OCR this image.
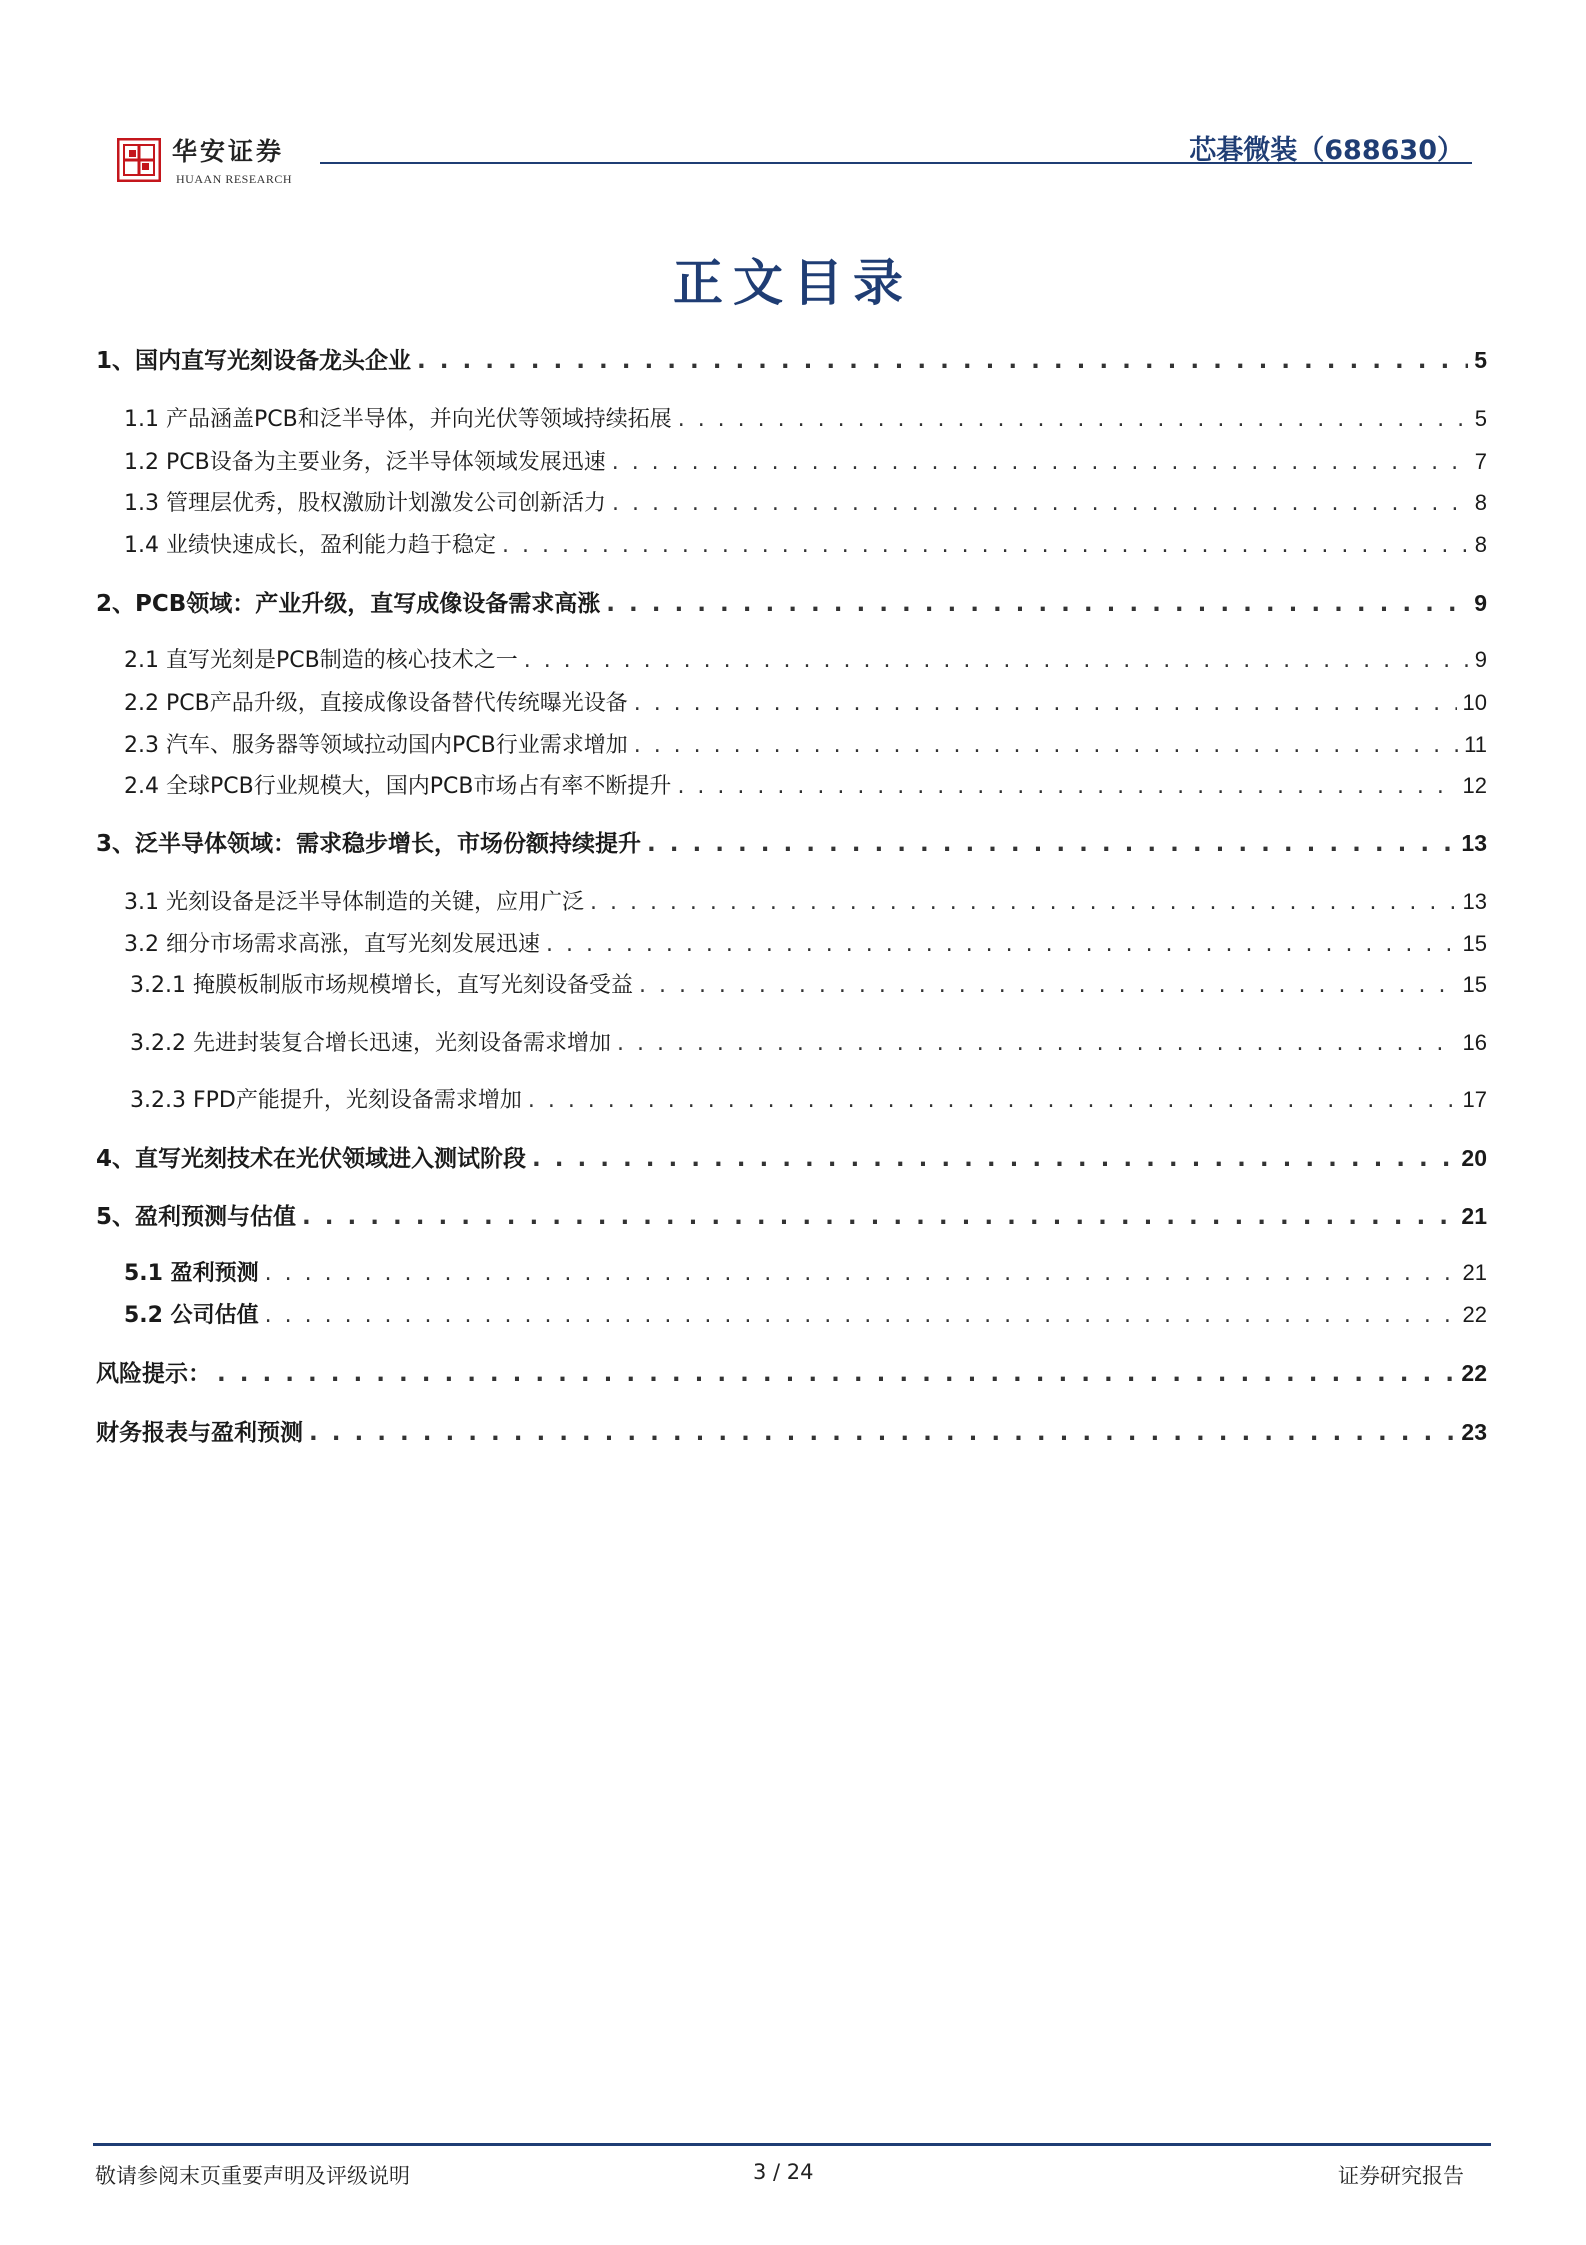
华安证券
HUAAN RESEARCH
芯碁微装（688630）
正文目录
1、国内直写光刻设备龙头企业 . . .	5
1.1 产品涵盖PCB和泛半导体，并向光伏等领域持续拓展 . . .	5
1.2 PCB设备为主要业务，泛半导体领域发展迅速 . . .	7
1.3 管理层优秀，股权激励计划激发公司创新活力 . . .	8
1.4 业绩快速成长，盈利能力趋于稳定 . . .	8
2、PCB领域：产业升级，直写成像设备需求高涨 . . .	9
2.1 直写光刻是PCB制造的核心技术之一 . . .	9
2.2 PCB产品升级，直接成像设备替代传统曝光设备 . . .	10
2.3 汽车、服务器等领域拉动国内PCB行业需求增加 . . .	11
2.4 全球PCB行业规模大，国内PCB市场占有率不断提升 . . .	12
3、泛半导体领域：需求稳步增长，市场份额持续提升 . . .	13
3.1 光刻设备是泛半导体制造的关键，应用广泛 . . .	13
3.2 细分市场需求高涨，直写光刻发展迅速 . . .	15
3.2.1 掩膜板制版市场规模增长，直写光刻设备受益 . . .	15
3.2.2 先进封装复合增长迅速，光刻设备需求增加 . . .	16
3.2.3 FPD产能提升，光刻设备需求增加 . . .	17
4、直写光刻技术在光伏领域进入测试阶段 . . .	20
5、盈利预测与估值 . . .	21
5.1 盈利预测 . . .	21
5.2 公司估值 . . .	22
风险提示： . . .	22
财务报表与盈利预测 . . .	23
敬请参阅末页重要声明及评级说明	3 / 24	证券研究报告
